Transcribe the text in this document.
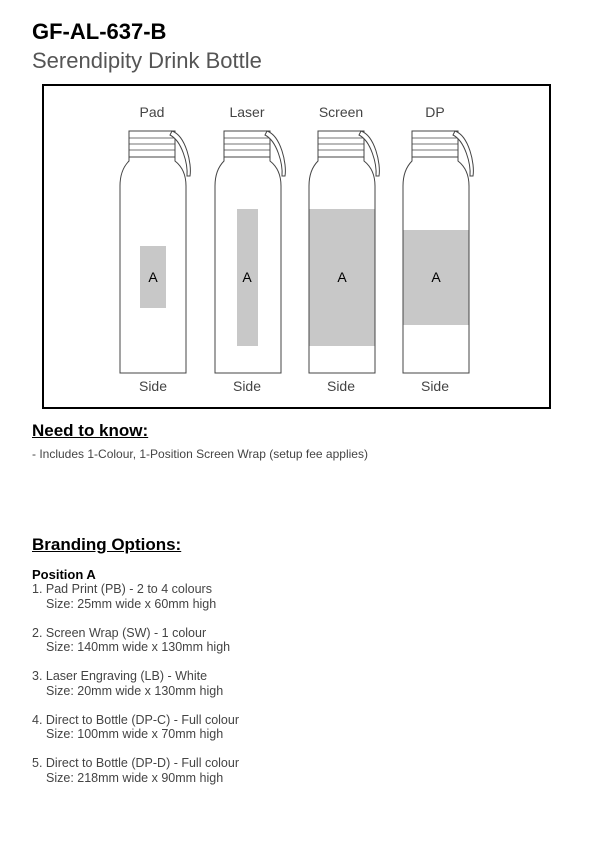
GF-AL-637-B
Serendipity Drink Bottle
Pad
A
Side
Laser
A
Side
Screen
A
Side
DP
A
Side
Need to know:
- Includes 1-Colour, 1-Position Screen Wrap (setup fee applies)
Branding Options:
Position A
1. Pad Print (PB) - 2 to 4 colours
Size: 25mm wide x 60mm high
2. Screen Wrap (SW) - 1 colour
Size: 140mm wide x 130mm high
3. Laser Engraving (LB) - White
Size: 20mm wide x 130mm high
4. Direct to Bottle (DP-C) - Full colour
Size: 100mm wide x 70mm high
5. Direct to Bottle (DP-D) - Full colour
Size: 218mm wide x 90mm high
